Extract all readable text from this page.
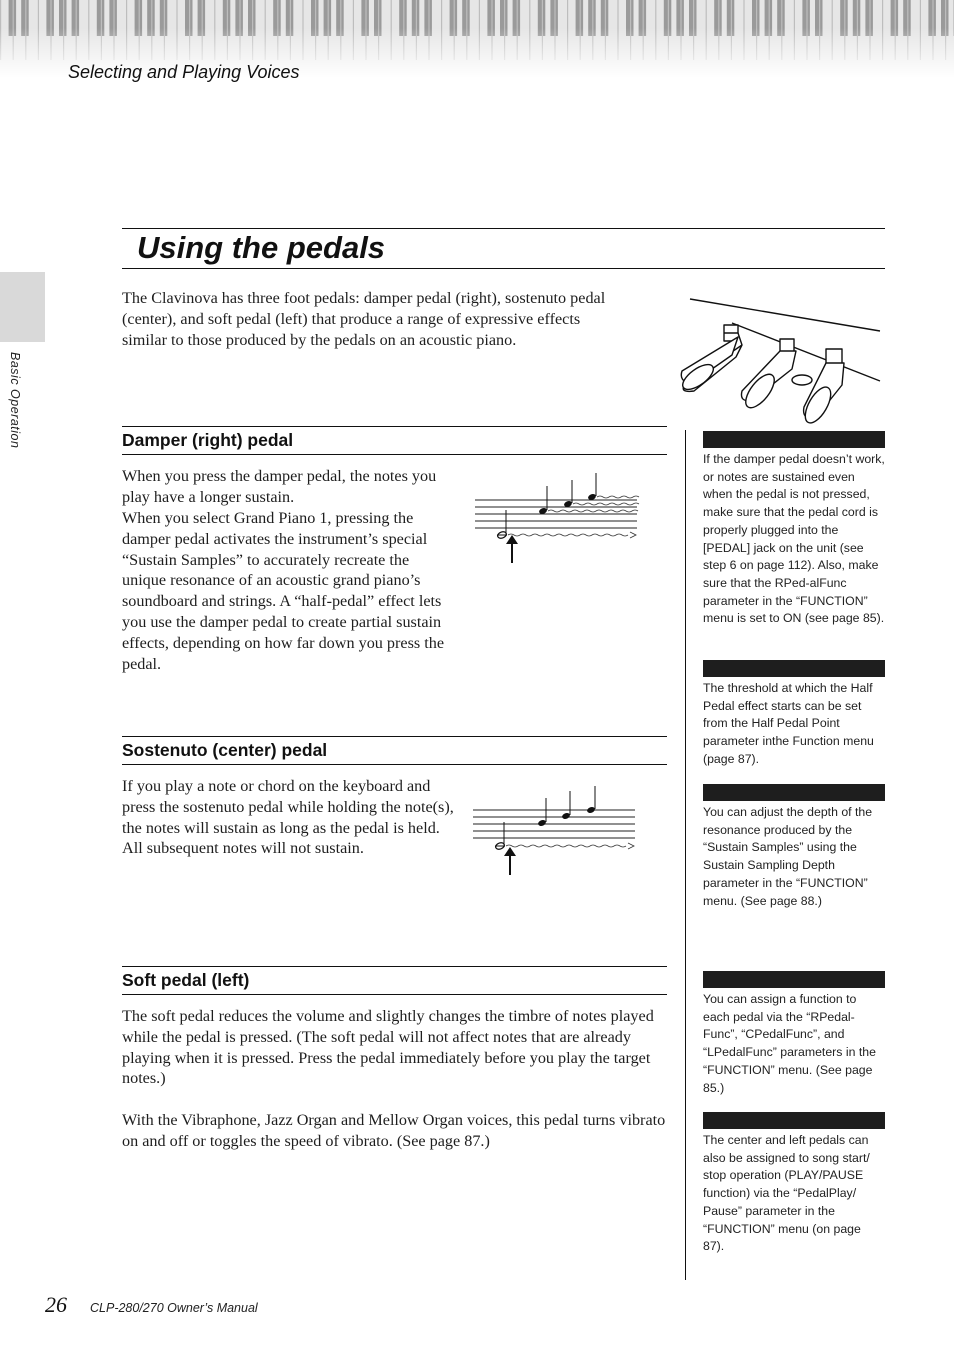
Selecting and Playing Voices
Basic Operation
Using the pedals
The Clavinova has three foot pedals: damper pedal (right), sostenuto pedal (center), and soft pedal (left) that produce a range of expressive effects similar to those produced by the pedals on an acoustic piano.
Damper (right) pedal
When you press the damper pedal, the notes you play have a longer sustain.
When you select Grand Piano 1, pressing the damper pedal activates the instrument’s special “Sustain Samples” to accurately recreate the unique resonance of an acoustic grand piano’s soundboard and strings. A “half-pedal” effect lets you use the damper pedal to create partial sustain effects, depending on how far down you press the pedal.
Sostenuto (center) pedal
If you play a note or chord on the keyboard and press the sostenuto pedal while holding the note(s), the notes will sustain as long as the pedal is held. All subsequent notes will not sustain.
Soft pedal (left)
The soft pedal reduces the volume and slightly changes the timbre of notes played while the pedal is pressed. (The soft pedal will not affect notes that are already playing when it is pressed. Press the pedal immediately before you play the target notes.)
With the Vibraphone, Jazz Organ and Mellow Organ voices, this pedal turns vibrato on and off or toggles the speed of vibrato. (See page 87.)
If the damper pedal doesn’t work, or notes are sustained even when the pedal is not pressed, make sure that the pedal cord is properly plugged into the [PEDAL] jack on the unit (see step 6 on page 112). Also, make sure that the RPed-alFunc parameter in the “FUNCTION” menu is set to ON (see page 85).
The threshold at which the Half Pedal effect starts can be set from the Half Pedal Point parameter inthe Function menu (page 87).
You can adjust the depth of the resonance produced by the “Sustain Samples” using the Sustain Sampling Depth parameter in the “FUNCTION” menu. (See page 88.)
You can assign a function to each pedal via the “RPedal-Func”, “CPedalFunc”, and “LPedalFunc” parameters in the “FUNCTION” menu. (See page 85.)
The center and left pedals can also be assigned to song start/ stop operation (PLAY/PAUSE function) via the “PedalPlay/ Pause” parameter in the “FUNCTION” menu (on page 87).
26 CLP-280/270 Owner’s Manual
